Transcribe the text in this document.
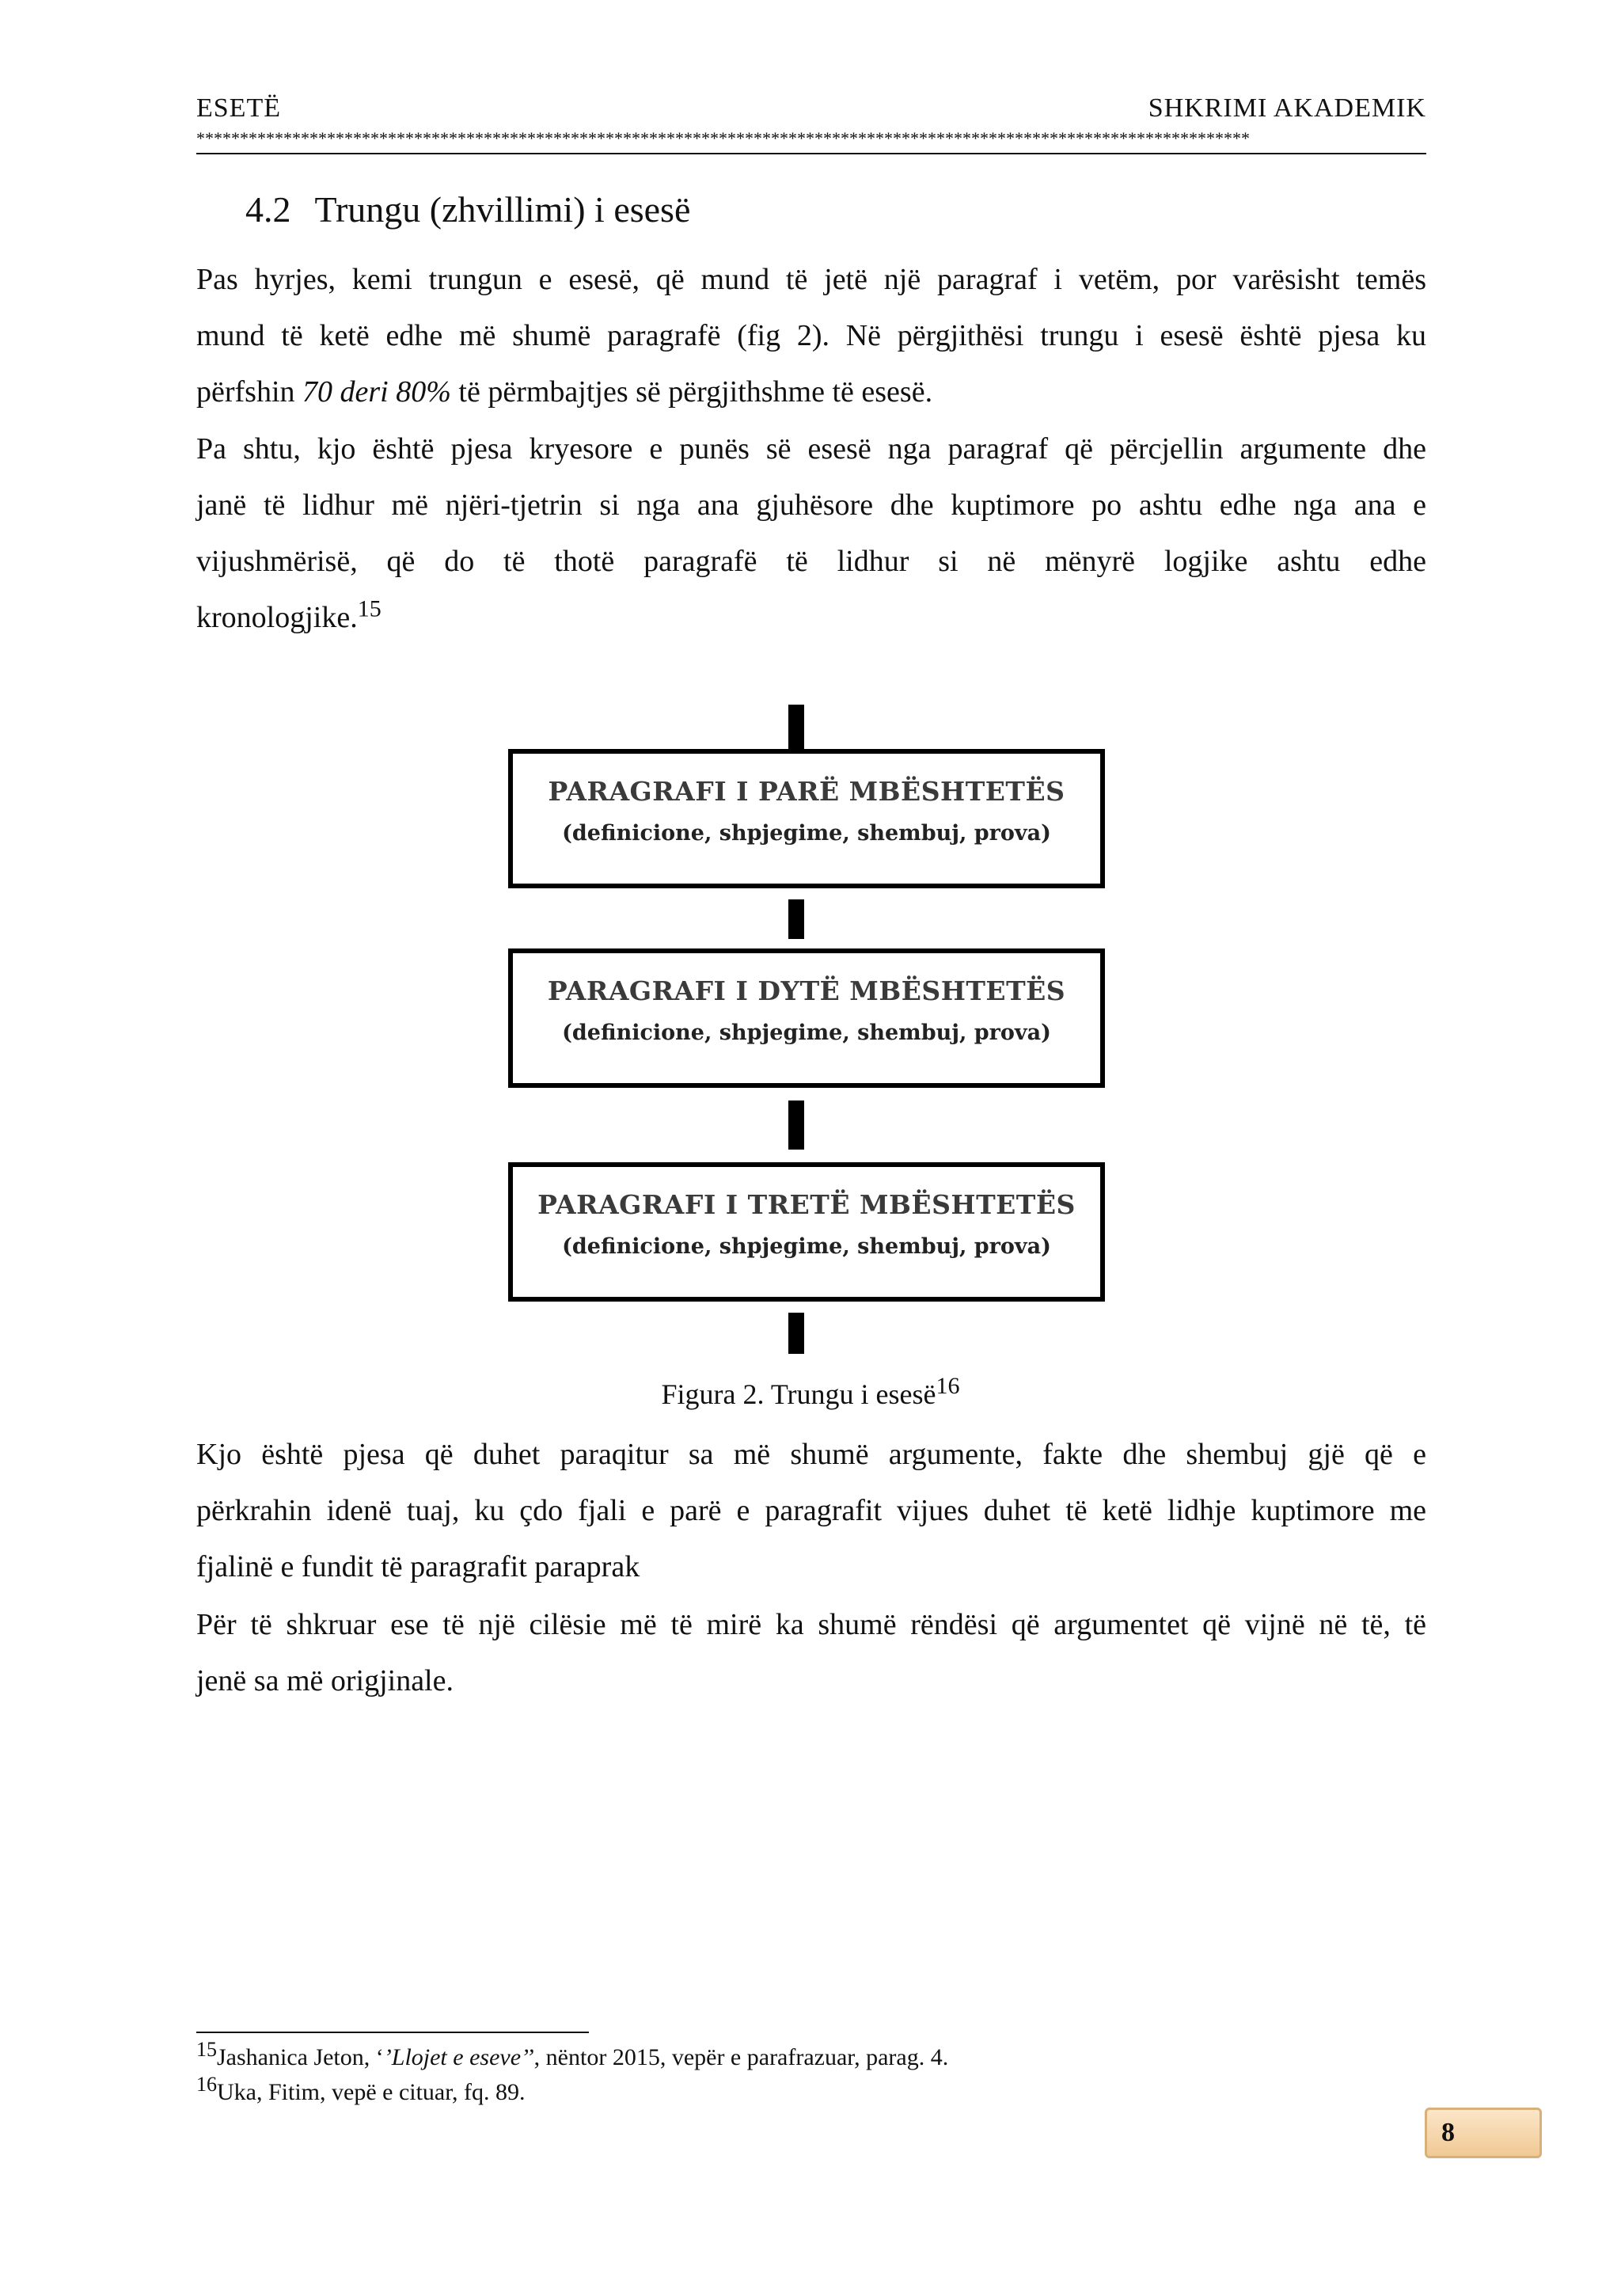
ESETË	SHKRIMI AKADEMIK
*************************************************************************************************************************
4.2 Trungu (zhvillimi) i esesë
Pas hyrjes, kemi trungun e esesë, që mund të jetë një paragraf i vetëm, por varësisht temës
mund të ketë edhe më shumë paragrafë (fig 2). Në përgjithësi trungu i esesë është pjesa ku
përfshin 70 deri 80% të përmbajtjes së përgjithshme të esesë.
Pa shtu, kjo është pjesa kryesore e punës së esesë nga paragraf që përcjellin argumente dhe
janë të lidhur më njëri-tjetrin si nga ana gjuhësore dhe kuptimore po ashtu edhe nga ana e
vijushmërisë, që do të thotë paragrafë të lidhur si në mënyrë logjike ashtu edhe
kronologjike.$^{15}$
PARAGRAFI I PARË MBËSHTETËS
(definicione, shpjegime, shembuj, prova)
PARAGRAFI I DYTË MBËSHTETËS
(definicione, shpjegime, shembuj, prova)
PARAGRAFI I TRETË MBËSHTETËS
(definicione, shpjegime, shembuj, prova)
Figura 2. Trungu i esesë$^{16}$
Kjo është pjesa që duhet paraqitur sa më shumë argumente, fakte dhe shembuj gjë që e
përkrahin idenë tuaj, ku çdo fjali e parë e paragrafit vijues duhet të ketë lidhje kuptimore me
fjalinë e fundit të paragrafit paraprak
Për të shkruar ese të një cilësie më të mirë ka shumë rëndësi që argumentet që vijnë në të, të
jenë sa më origjinale.
$^{15}$Jashanica Jeton, ‘’Llojet e eseve’’, nëntor 2015, vepër e parafrazuar, parag. 4.
$^{16}$Uka, Fitim, vepë e cituar, fq. 89.
8
